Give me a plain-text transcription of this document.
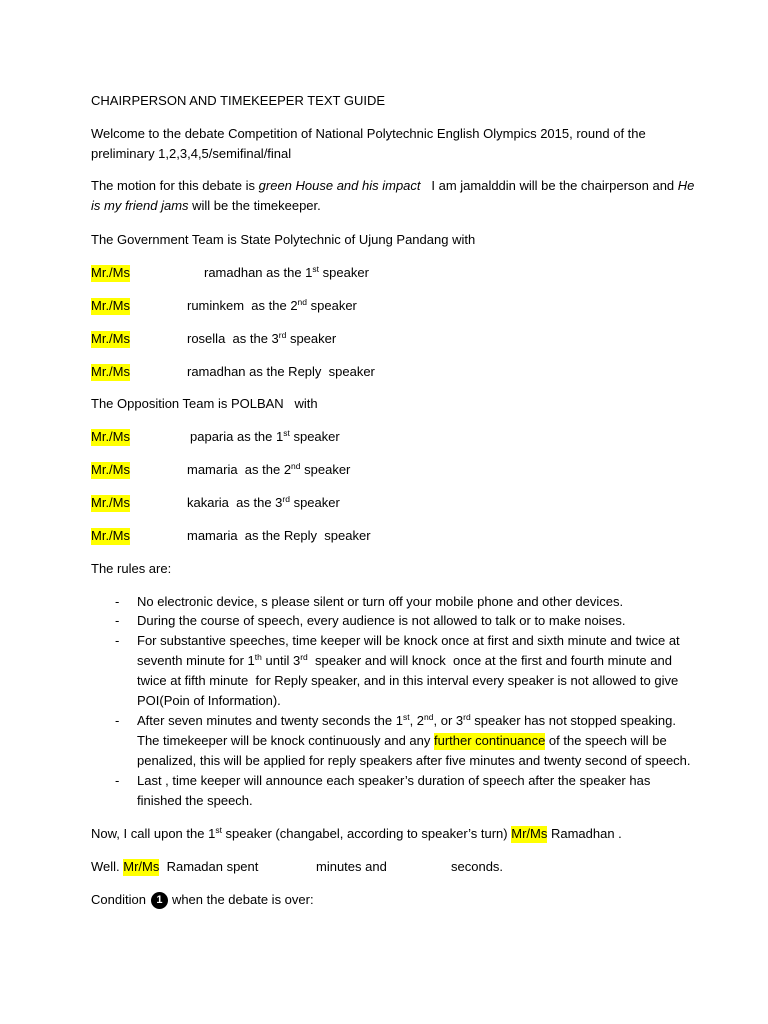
CHAIRPERSON AND TIMEKEEPER TEXT GUIDE
Welcome to the debate Competition of National Polytechnic English Olympics 2015, round of the
preliminary 1,2,3,4,5/semifinal/final
The motion for this debate is green House and his impact   I am jamalddin will be the chairperson and He
is my friend jams will be the timekeeper.
The Government Team is State Polytechnic of Ujung Pandang with
Mr./Ms	ramadhan as the 1st speaker
Mr./Ms	ruminkem  as the 2nd speaker
Mr./Ms	rosella  as the 3rd speaker
Mr./Ms	ramadhan as the Reply  speaker
The Opposition Team is POLBAN   with
Mr./Ms	paparia as the 1st speaker
Mr./Ms	mamaria  as the 2nd speaker
Mr./Ms	kakaria  as the 3rd speaker
Mr./Ms	mamaria  as the Reply  speaker
The rules are:
- No electronic device, s please silent or turn off your mobile phone and other devices.
- During the course of speech, every audience is not allowed to talk or to make noises.
- For substantive speeches, time keeper will be knock once at first and sixth minute and twice at
seventh minute for 1th until 3rd  speaker and will knock  once at the first and fourth minute and
twice at fifth minute  for Reply speaker, and in this interval every speaker is not allowed to give
POI(Poin of Information).
- After seven minutes and twenty seconds the 1st, 2nd, or 3rd speaker has not stopped speaking.
The timekeeper will be knock continuously and any further continuance of the speech will be
penalized, this will be applied for reply speakers after five minutes and twenty second of speech.
- Last , time keeper will announce each speaker’s duration of speech after the speaker has
finished the speech.
Now, I call upon the 1st speaker (changabel, according to speaker’s turn) Mr/Ms Ramadhan .
Well. Mr/Ms  Ramadan spent	minutes and	seconds.
Condition 1 when the debate is over:
